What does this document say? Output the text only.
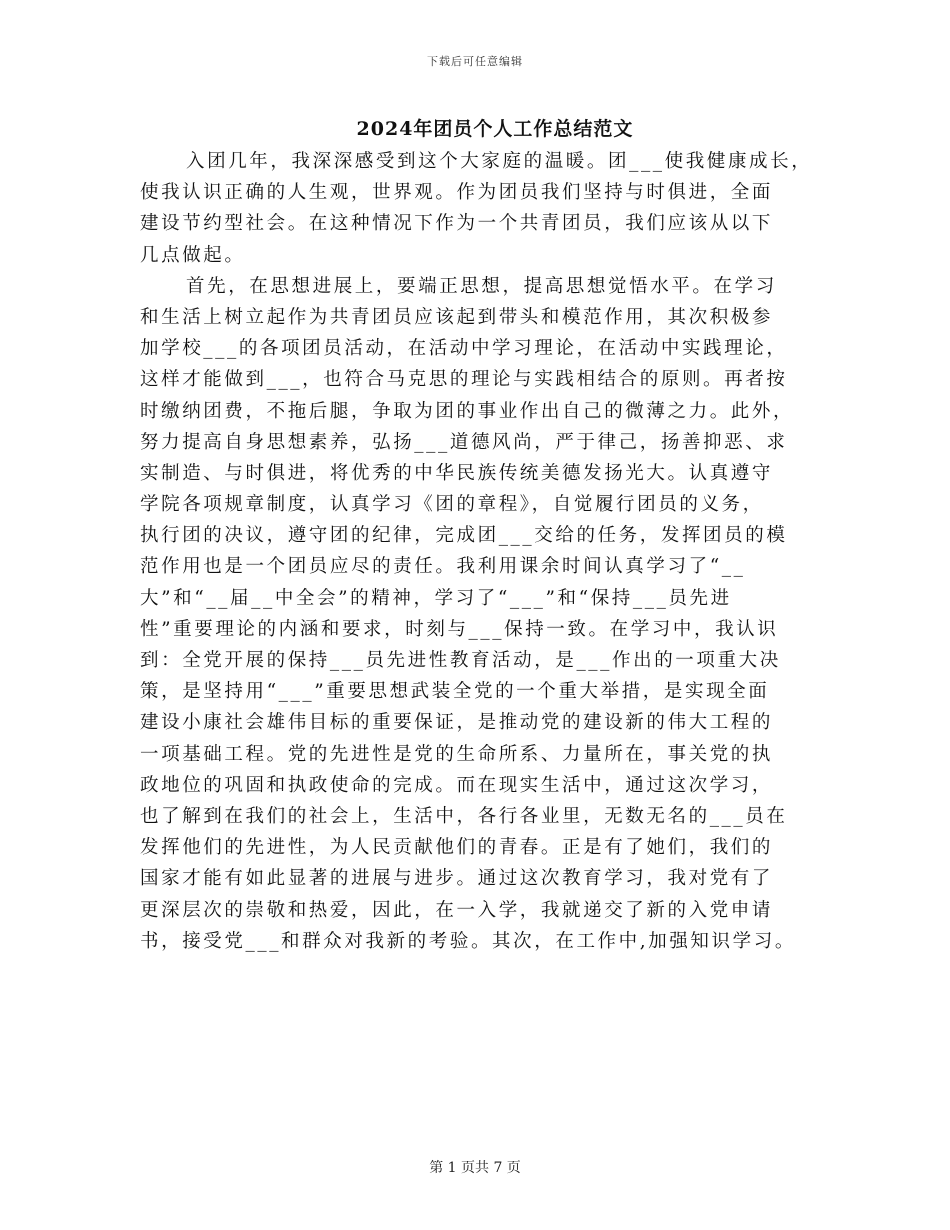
下载后可任意编辑
2024年团员个人工作总结范文
入团几年，我深深感受到这个大家庭的温暖。团___使我健康成长，
使我认识正确的人生观，世界观。作为团员我们坚持与时俱进，全面
建设节约型社会。在这种情况下作为一个共青团员，我们应该从以下
几点做起。
首先，在思想进展上，要端正思想，提高思想觉悟水平。在学习
和生活上树立起作为共青团员应该起到带头和模范作用，其次积极参
加学校___的各项团员活动，在活动中学习理论，在活动中实践理论，
这样才能做到___，也符合马克思的理论与实践相结合的原则。再者按
时缴纳团费，不拖后腿，争取为团的事业作出自己的微薄之力。此外，
努力提高自身思想素养，弘扬___道德风尚，严于律己，扬善抑恶、求
实制造、与时俱进，将优秀的中华民族传统美德发扬光大。认真遵守
学院各项规章制度，认真学习《团的章程》，自觉履行团员的义务，
执行团的决议，遵守团的纪律，完成团___交给的任务，发挥团员的模
范作用也是一个团员应尽的责任。我利用课余时间认真学习了“__
大”和“__届__中全会”的精神，学习了“___”和“保持___员先进
性”重要理论的内涵和要求，时刻与___保持一致。在学习中，我认识
到：全党开展的保持___员先进性教育活动，是___作出的一项重大决
策，是坚持用“___”重要思想武装全党的一个重大举措，是实现全面
建设小康社会雄伟目标的重要保证，是推动党的建设新的伟大工程的
一项基础工程。党的先进性是党的生命所系、力量所在，事关党的执
政地位的巩固和执政使命的完成。而在现实生活中，通过这次学习，
也了解到在我们的社会上，生活中，各行各业里，无数无名的___员在
发挥他们的先进性，为人民贡献他们的青春。正是有了她们，我们的
国家才能有如此显著的进展与进步。通过这次教育学习，我对党有了
更深层次的崇敬和热爱，因此，在一入学，我就递交了新的入党申请
书，接受党___和群众对我新的考验。其次，在工作中,加强知识学习。
第 1 页共 7 页
